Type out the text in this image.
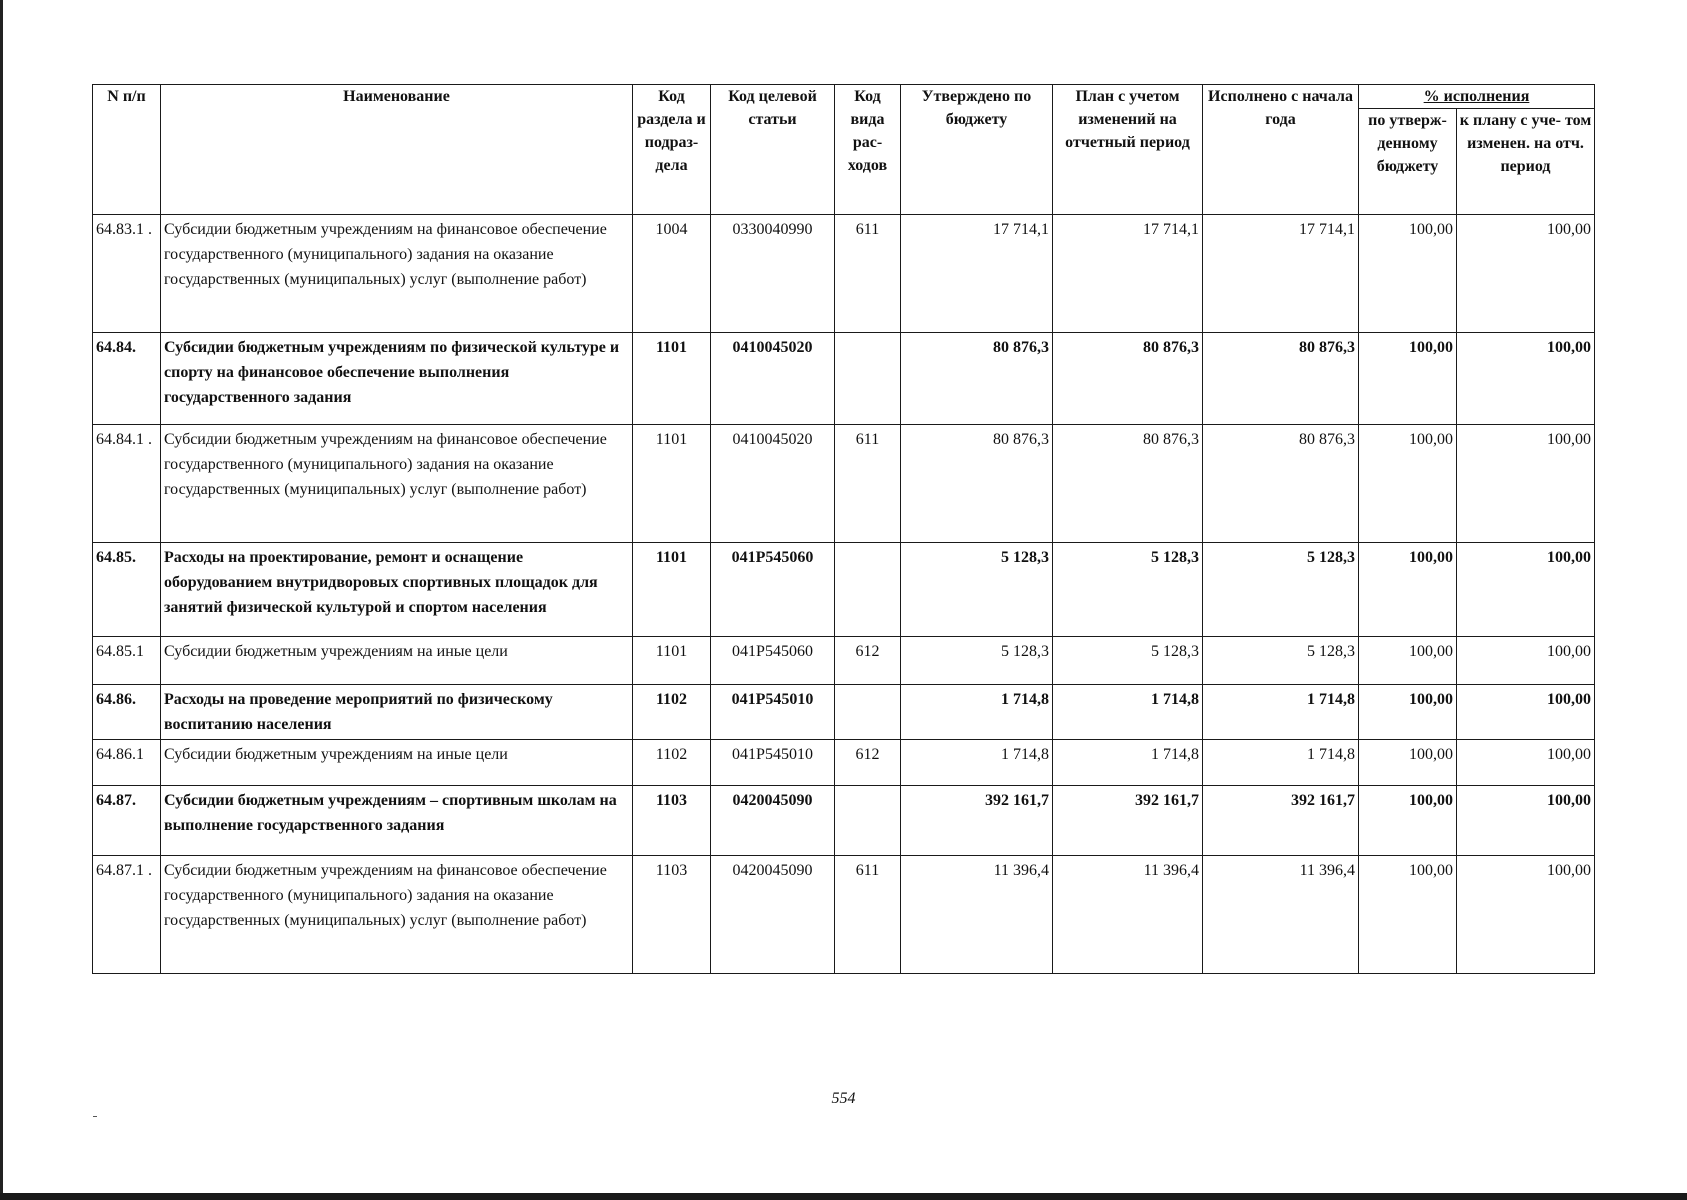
N п/п	Наименование	Код раздела и подраз- дела	Код целевой статьи	Код вида рас- ходов	Утверждено по бюджету	План с учетом изменений на отчетный период	Исполнено с начала года	% исполнения	
								по утверж- денному бюджету	к плану с уче- том изменен. на отч. период
64.83.1 .	Субсидии бюджетным учреждениям на финансовое обеспечение государственного (муниципального) задания на оказание государственных (муниципальных) услуг (выполнение работ)	1004	0330040990	611	17 714,1	17 714,1	17 714,1	100,00	100,00
64.84.	Субсидии бюджетным учреждениям по физической культуре и спорту на финансовое обеспечение выполнения государственного задания	1101	0410045020		80 876,3	80 876,3	80 876,3	100,00	100,00
64.84.1 .	Субсидии бюджетным учреждениям на финансовое обеспечение государственного (муниципального) задания на оказание государственных (муниципальных) услуг (выполнение работ)	1101	0410045020	611	80 876,3	80 876,3	80 876,3	100,00	100,00
64.85.	Расходы на проектирование, ремонт и оснащение оборудованием внутридворовых спортивных площадок для занятий физической культурой и спортом населения	1101	041P545060		5 128,3	5 128,3	5 128,3	100,00	100,00
64.85.1	Субсидии бюджетным учреждениям на иные цели	1101	041P545060	612	5 128,3	5 128,3	5 128,3	100,00	100,00
64.86.	Расходы на проведение мероприятий по физическому воспитанию населения	1102	041P545010		1 714,8	1 714,8	1 714,8	100,00	100,00
64.86.1	Субсидии бюджетным учреждениям на иные цели	1102	041P545010	612	1 714,8	1 714,8	1 714,8	100,00	100,00
64.87.	Субсидии бюджетным учреждениям – спортивным школам на выполнение государственного задания	1103	0420045090		392 161,7	392 161,7	392 161,7	100,00	100,00
64.87.1 .	Субсидии бюджетным учреждениям на финансовое обеспечение государственного (муниципального) задания на оказание государственных (муниципальных) услуг (выполнение работ)	1103	0420045090	611	11 396,4	11 396,4	11 396,4	100,00	100,00
554
